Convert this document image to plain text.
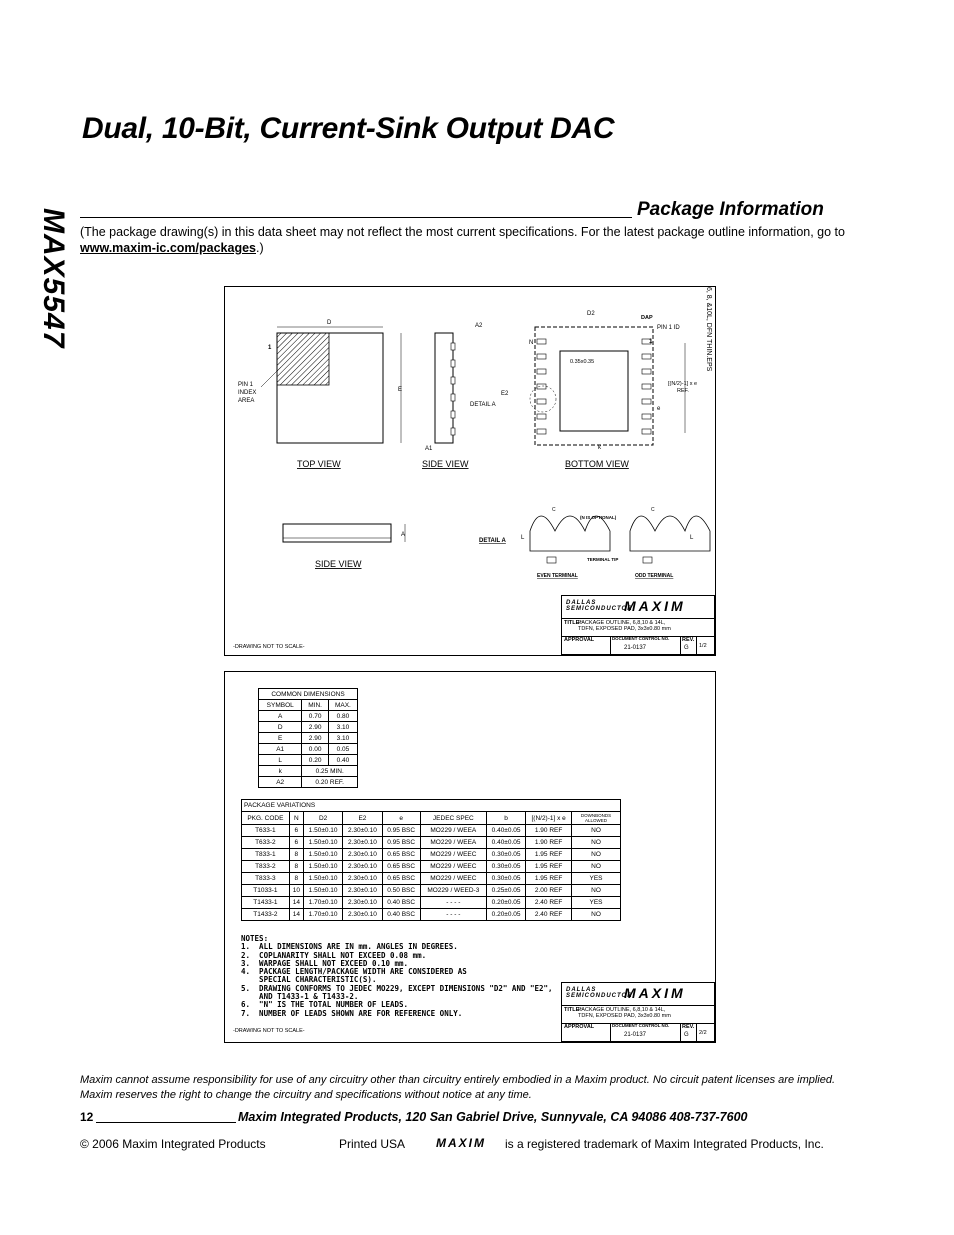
MAX5547
Dual, 10-Bit, Current-Sink Output DAC
Package Information
(The package drawing(s) in this data sheet may not reflect the most current specifications. For the latest package outline information, go to www.maxim-ic.com/packages.)
D
E
1
PIN 1
INDEX
AREA
TOP VIEW
A2
A1
SIDE VIEW
D2
DAP
PIN 1 ID
1
N
0.35x0.35
E2
DETAIL A
[(N/2)-1] x e
REF.
e
k
BOTTOM VIEW
6, 8, &10L, DFN THIN.EPS
A
SIDE VIEW
DETAIL A	L	L
C	C
(N IS OPTIONAL)
TERMINAL TIP
EVEN TERMINAL	ODD TERMINAL
-DRAWING NOT TO SCALE-
DALLAS SEMICONDUCTOR
MAXIM
TITLE:
PACKAGE OUTLINE, 6,8,10 & 14L,
TDFN, EXPOSED PAD, 3x3x0.80 mm
APPROVAL	DOCUMENT CONTROL NO.
21-0137
REV.
G 1/2
COMMON DIMENSIONS		
SYMBOL	MIN.	MAX.
A	0.70	0.80
D	2.90	3.10
E	2.90	3.10
A1	0.00	0.05
L	0.20	0.40
k	0.25 MIN.	
A2	0.20 REF.	
PACKAGE VARIATIONS								
PKG. CODE	N	D2	E2	e	JEDEC SPEC	b	[(N/2)-1] x e	DOWNBONDS ALLOWED
T633-1	6	1.50±0.10	2.30±0.10	0.95 BSC	MO229 / WEEA	0.40±0.05	1.90 REF	NO
T633-2	6	1.50±0.10	2.30±0.10	0.95 BSC	MO229 / WEEA	0.40±0.05	1.90 REF	NO
T833-1	8	1.50±0.10	2.30±0.10	0.65 BSC	MO229 / WEEC	0.30±0.05	1.95 REF	NO
T833-2	8	1.50±0.10	2.30±0.10	0.65 BSC	MO229 / WEEC	0.30±0.05	1.95 REF	NO
T833-3	8	1.50±0.10	2.30±0.10	0.65 BSC	MO229 / WEEC	0.30±0.05	1.95 REF	YES
T1033-1	10	1.50±0.10	2.30±0.10	0.50 BSC	MO229 / WEED-3	0.25±0.05	2.00 REF	NO
T1433-1	14	1.70±0.10	2.30±0.10	0.40 BSC	- - - -	0.20±0.05	2.40 REF	YES
T1433-2	14	1.70±0.10	2.30±0.10	0.40 BSC	- - - -	0.20±0.05	2.40 REF	NO
NOTES:
1.  ALL DIMENSIONS ARE IN mm. ANGLES IN DEGREES.
2.  COPLANARITY SHALL NOT EXCEED 0.08 mm.
3.  WARPAGE SHALL NOT EXCEED 0.10 mm.
4.  PACKAGE LENGTH/PACKAGE WIDTH ARE CONSIDERED AS
SPECIAL CHARACTERISTIC(S).
5.  DRAWING CONFORMS TO JEDEC MO229, EXCEPT DIMENSIONS "D2" AND "E2",
AND T1433-1 & T1433-2.
6.  "N" IS THE TOTAL NUMBER OF LEADS.
7.  NUMBER OF LEADS SHOWN ARE FOR REFERENCE ONLY.
-DRAWING NOT TO SCALE-
DALLAS SEMICONDUCTOR
MAXIM
TITLE:
PACKAGE OUTLINE, 6,8,10 & 14L,
TDFN, EXPOSED PAD, 3x3x0.80 mm
APPROVAL	DOCUMENT CONTROL NO.
21-0137
REV.
G 2/2
Maxim cannot assume responsibility for use of any circuitry other than circuitry entirely embodied in a Maxim product. No circuit patent licenses are implied. Maxim reserves the right to change the circuitry and specifications without notice at any time.
12	Maxim Integrated Products, 120 San Gabriel Drive, Sunnyvale, CA 94086 408-737-7600
© 2006 Maxim Integrated Products	Printed USA	MAXIM is a registered trademark of Maxim Integrated Products, Inc.
